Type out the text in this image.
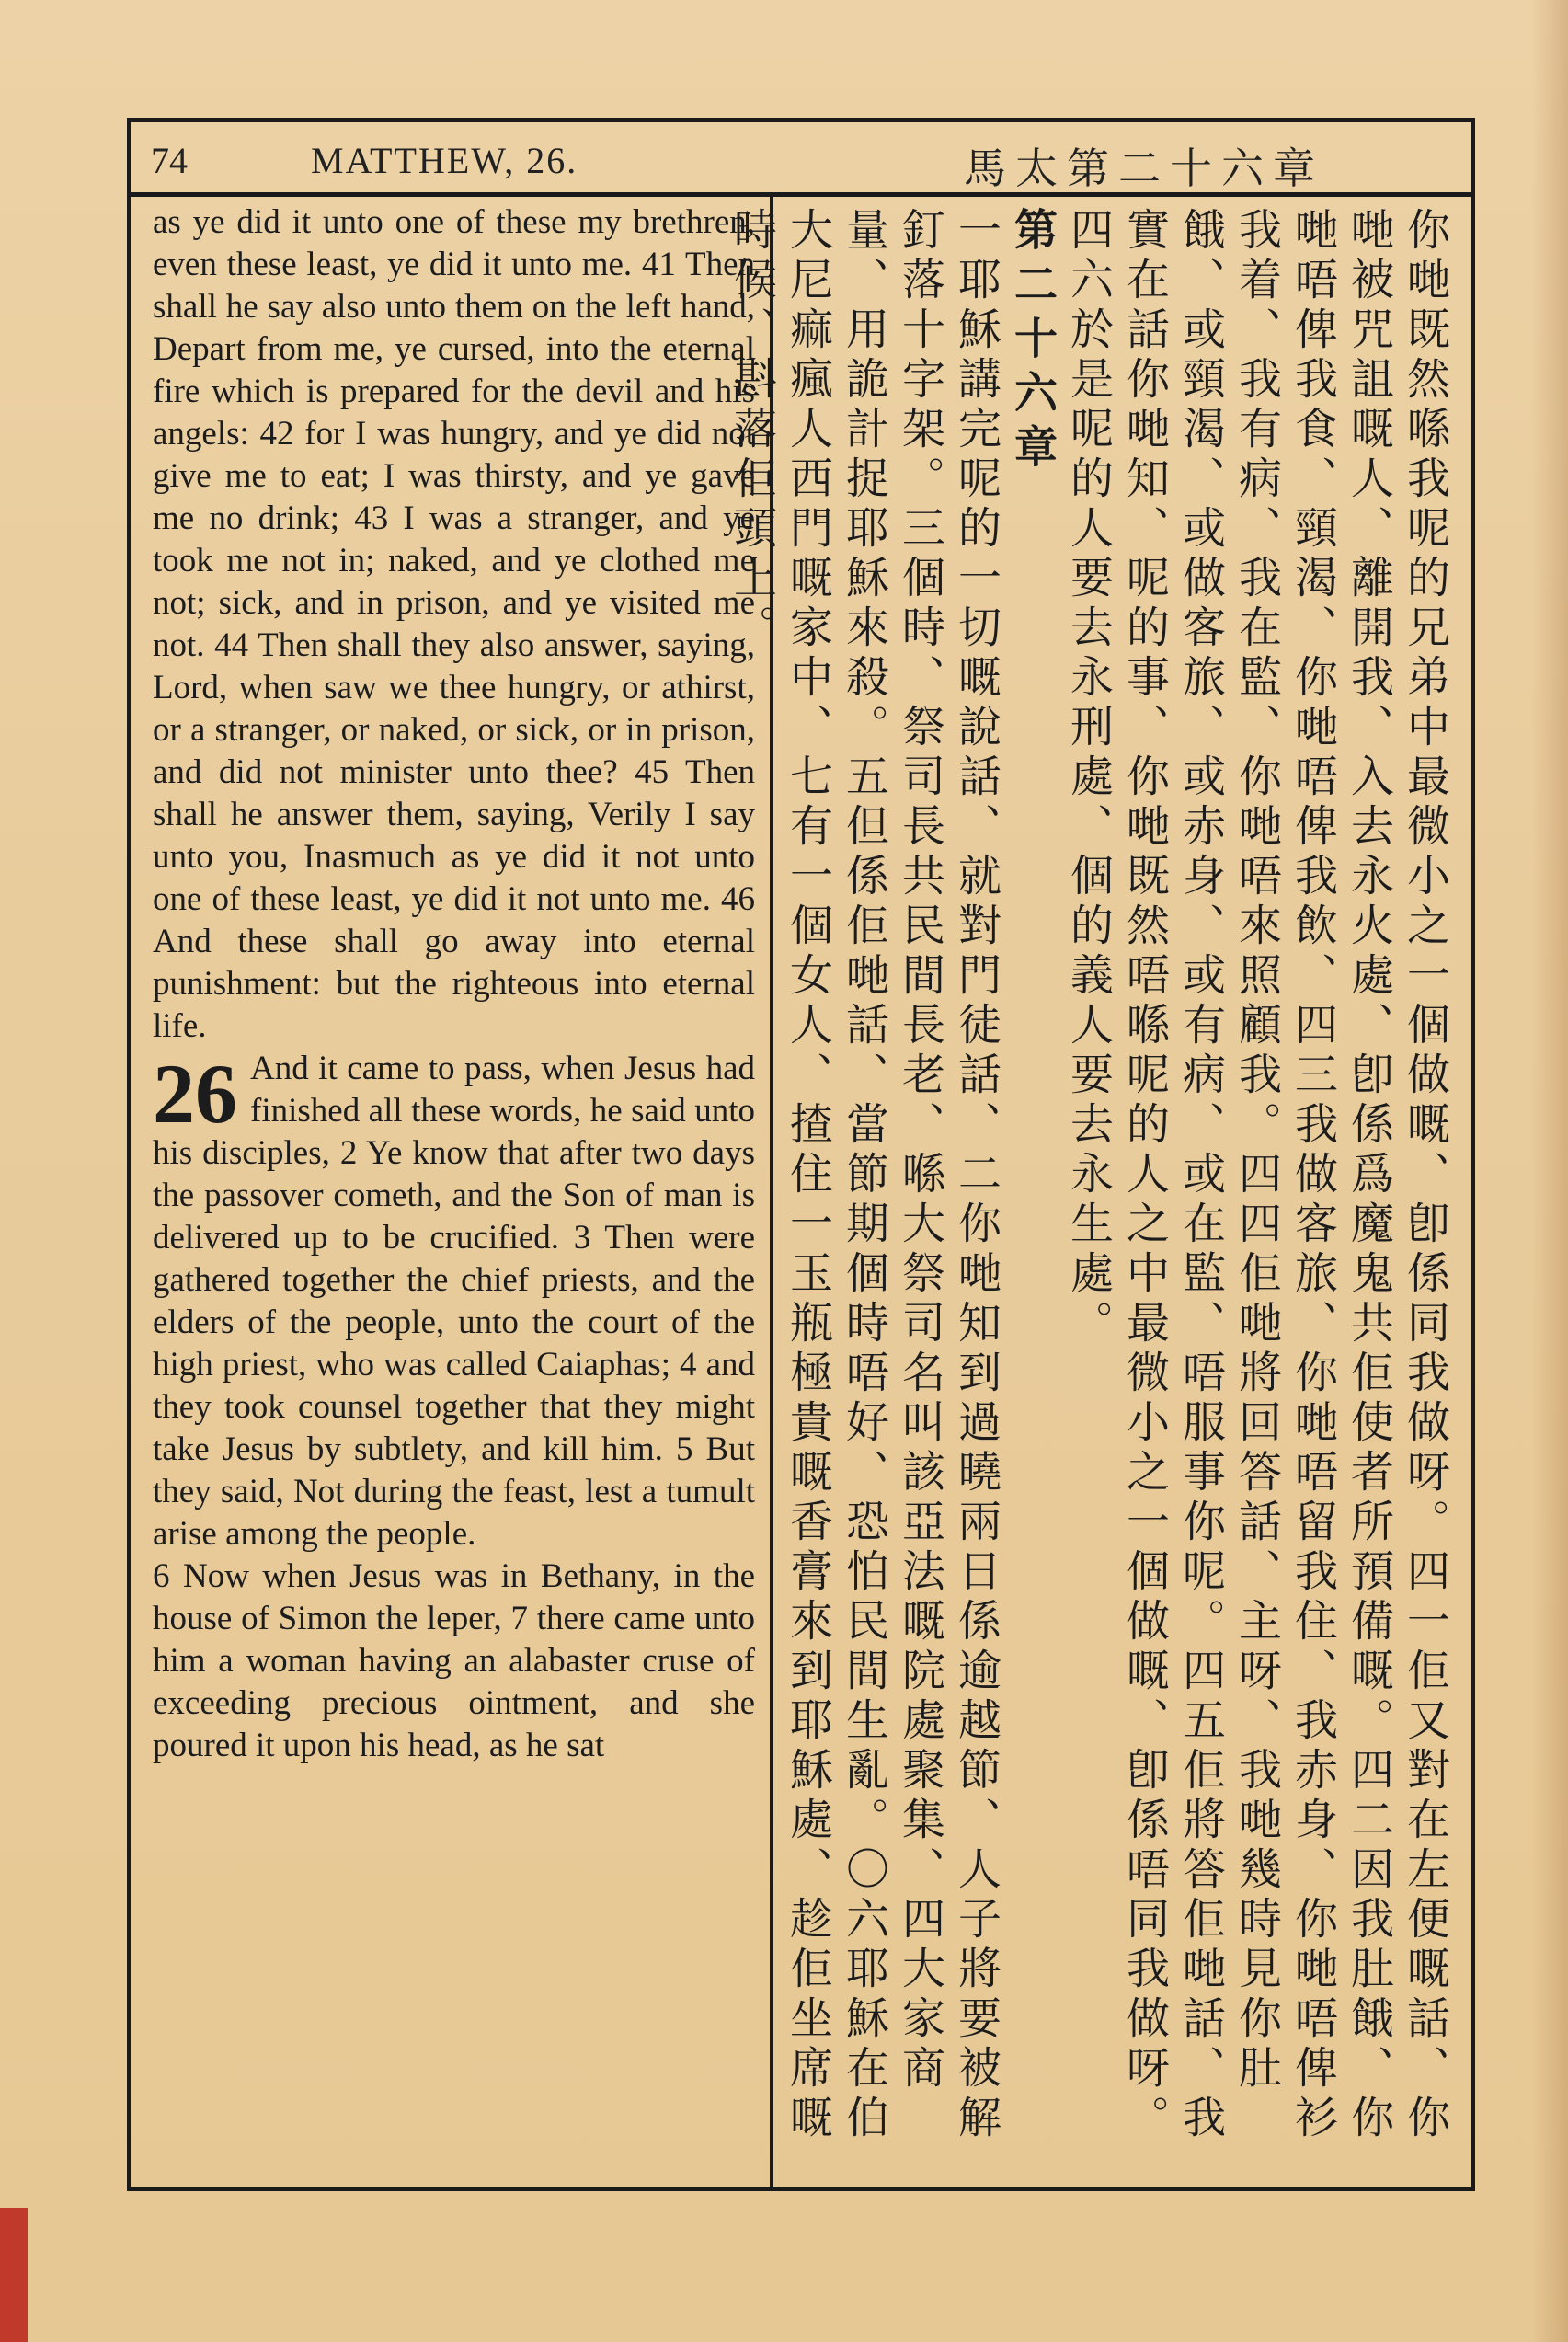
74	MATTHEW, 26.	馬太第二十六章

as ye did it unto one of these my brethren, even these least, ye did it unto me. 41 Then shall he say also unto them on the left hand, Depart from me, ye cursed, into the eternal fire which is prepared for the devil and his angels: 42 for I was hungry, and ye did not give me to eat; I was thirsty, and ye gave me no drink; 43 I was a stranger, and ye took me not in; naked, and ye clothed me not; sick, and in prison, and ye visited me not. 44 Then shall they also answer, saying, Lord, when saw we thee hungry, or athirst, or a stranger, or naked, or sick, or in prison, and did not minister unto thee? 45 Then shall he answer them, saying, Verily I say unto you, Inasmuch as ye did it not unto one of these least, ye did it not unto me. 46 And these shall go away into eternal punishment: but the righteous into eternal life.

26 And it came to pass, when Jesus had finished all these words, he said unto his disciples, 2 Ye know that after two days the passover cometh, and the Son of man is delivered up to be crucified. 3 Then were gathered together the chief priests, and the elders of the people, unto the court of the high priest, who was called Caiaphas; 4 and they took counsel together that they might take Jesus by subtlety, and kill him. 5 But they said, Not during the feast, lest a tumult arise among the people.

6 Now when Jesus was in Bethany, in the house of Simon the leper, 7 there came unto him a woman having an alabaster cruse of exceeding precious ointment, and she poured it upon his head, as he sat	你哋既然喺我呢的兄弟中最微小之一個做嘅、卽係同我做呀。四一佢又對在左便嘅話、你哋被咒詛嘅人、離開我、入去永火處、卽係爲魔鬼共佢使者所預備嘅。四二因我肚餓、你哋唔俾我食、頸渴、你哋唔俾我飲、四三我做客旅、你哋唔留我住、我赤身、你哋唔俾衫我着、我有病、我在監、你哋唔來照顧我。四四佢哋將回答話、主呀、我哋幾時見你肚餓、或頸渴、或做客旅、或赤身、或有病、或在監、唔服事你呢。四五佢將答佢哋話、我實在話你哋知、呢的事、你哋既然唔喺呢的人之中最微小之一個做嘅、卽係唔同我做呀。四六於是呢的人要去永刑處、個的義人要去永生處。

第二十六章

一耶穌講完呢的一切嘅說話、就對門徒話、二你哋知到過曉兩日係逾越節、人子將要被解釘落十字架。三個時、祭司長共民間長老、喺大祭司名叫該亞法嘅院處聚集、四大家商量、用詭計捉耶穌來殺。五但係佢哋話、當節期個時唔好、恐怕民間生亂。〇六耶穌在伯大尼痲瘋人西門嘅家中、七有一個女人、揸住一玉瓶極貴嘅香膏來到耶穌處、趁佢坐席嘅時候、斟落佢頭上。
